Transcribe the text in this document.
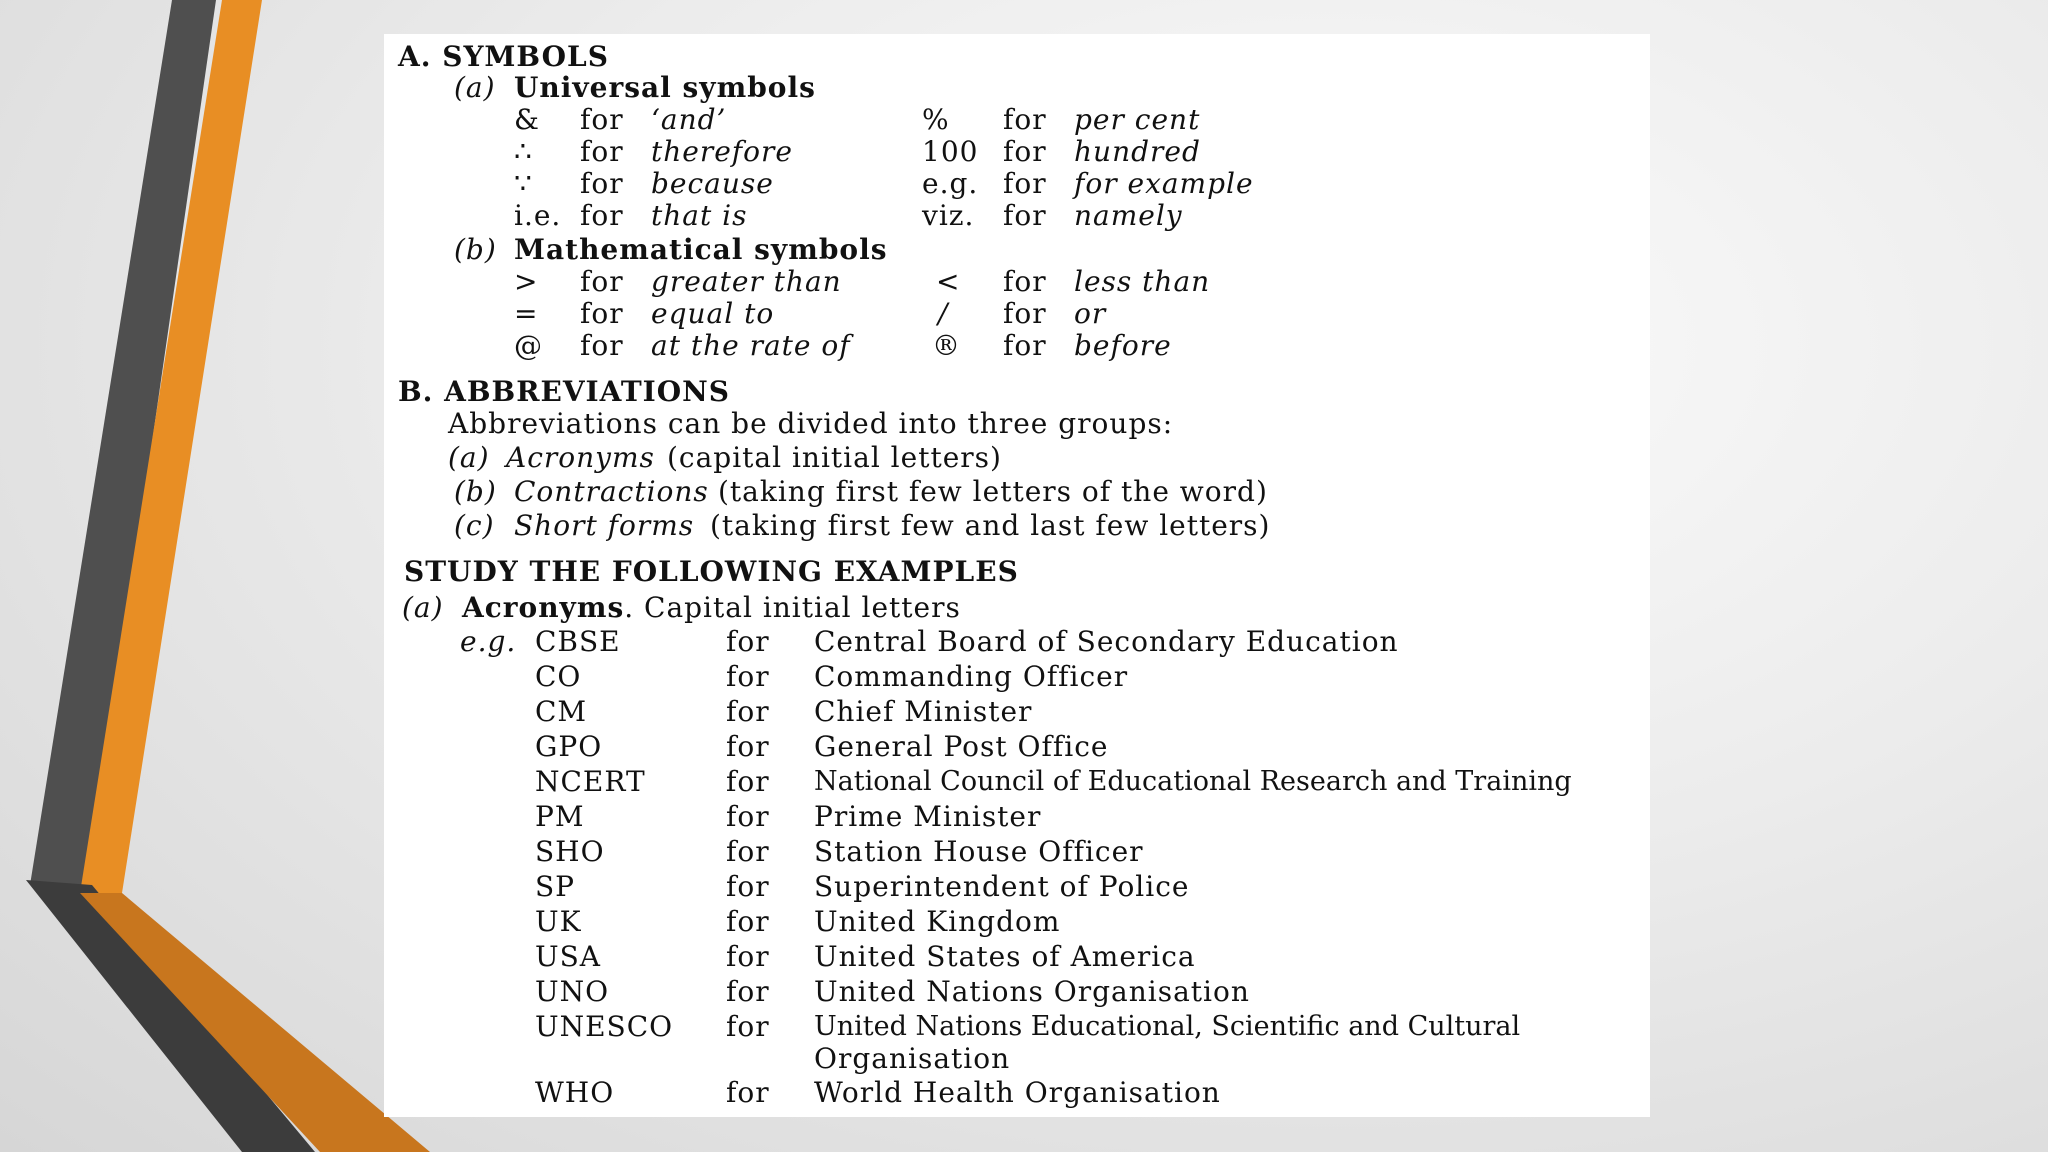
A. SYMBOLS
(a) Universal symbols
& for ‘and’	% for per cent
∴ for therefore	100 for hundred
∵ for because	e.g. for for example
i.e. for that is	viz. for namely
(b) Mathematical symbols
> for greater than	< for less than
= for equal to	/ for or
@ for at the rate of	® for before
B. ABBREVIATIONS
Abbreviations can be divided into three groups:
(a) Acronyms (capital initial letters)
(b) Contractions (taking first few letters of the word)
(c) Short forms (taking first few and last few letters)
STUDY THE FOLLOWING EXAMPLES
(a) Acronyms. Capital initial letters
e.g. CBSE	for Central Board of Secondary Education
CO	for Commanding Officer
CM	for Chief Minister
GPO	for General Post Office
NCERT	for National Council of Educational Research and Training
PM	for Prime Minister
SHO	for Station House Officer
SP	for Superintendent of Police
UK	for United Kingdom
USA	for United States of America
UNO	for United Nations Organisation
UNESCO for United Nations Educational, Scientific and Cultural
Organisation
WHO	for World Health Organisation
